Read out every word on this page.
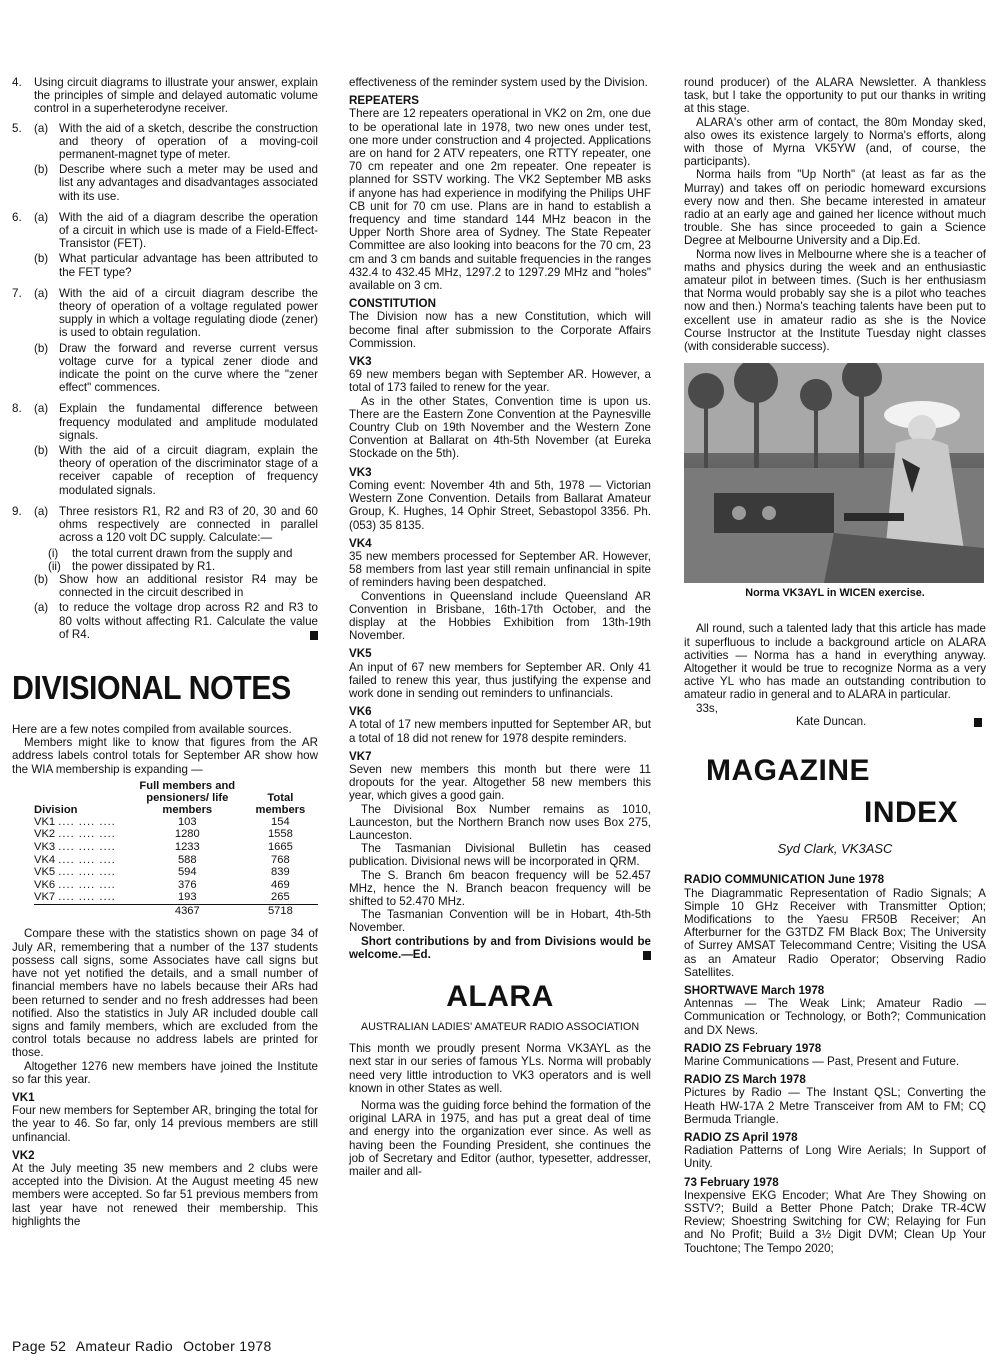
4.	Using circuit diagrams to illustrate your answer, explain the principles of simple and delayed automatic volume control in a superheterodyne receiver.

5.	(a) With the aid of a sketch, describe the construction and theory of operation of a moving-coil permanent-magnet type of meter.
(b) Describe where such a meter may be used and list any advantages and disadvantages associated with its use.
6.	(a) With the aid of a diagram describe the operation of a circuit in which use is made of a Field-Effect-Transistor (FET).
(b) What particular advantage has been attributed to the FET type?
7.	(a) With the aid of a circuit diagram describe the theory of operation of a voltage regulated power supply in which a voltage regulating diode (zener) is used to obtain regulation.
(b) Draw the forward and reverse current versus voltage curve for a typical zener diode and indicate the point on the curve where the "zener effect" commences.
8.	(a) Explain the fundamental difference between frequency modulated and amplitude modulated signals.
(b) With the aid of a circuit diagram, explain the theory of operation of the discriminator stage of a receiver capable of reception of frequency modulated signals.
9.	(a) Three resistors R1, R2 and R3 of 20, 30 and 60 ohms respectively are connected in parallel across a 120 volt DC supply. Calculate:—
(i)	the total current drawn from the supply and
(ii) the power dissipated by R1.
(b) Show how an additional resistor R4 may be connected in the circuit described in
(a) to reduce the voltage drop across R2 and R3 to 80 volts without affecting R1. Calculate the value of R4.
DIVISIONAL NOTES

Here are a few notes compiled from available sources.

Members might like to know that figures from the AR address labels control totals for September AR show how the WIA membership is expanding —

Division	Full members and pensioners/ life members	Total members
VK1 .... .... ....	103	154
VK2 .... .... ....	1280	1558
VK3 .... .... ....	1233	1665
VK4 .... .... ....	588	768
VK5 .... .... ....	594	839
VK6 .... .... ....	376	469
VK7 .... .... ....	193	265
	4367	5718

Compare these with the statistics shown on page 34 of July AR, remembering that a number of the 137 students possess call signs, some Associates have call signs but have not yet notified the details, and a small number of financial members have no labels because their ARs had been returned to sender and no fresh addresses had been notified. Also the statistics in July AR included double call signs and family members, which are excluded from the control totals because no address labels are printed for those.

Altogether 1276 new members have joined the Institute so far this year.

VK1

Four new members for September AR, bringing the total for the year to 46. So far, only 14 previous members are still unfinancial.

VK2

At the July meeting 35 new members and 2 clubs were accepted into the Division. At the August meeting 45 new members were accepted. So far 51 previous members from last year have not renewed their membership. This highlights the

effectiveness of the reminder system used by the Division.

REPEATERS

There are 12 repeaters operational in VK2 on 2m, one due to be operational late in 1978, two new ones under test, one more under construction and 4 projected. Applications are on hand for 2 ATV repeaters, one RTTY repeater, one 70 cm repeater and one 2m repeater. One repeater is planned for SSTV working. The VK2 September MB asks if anyone has had experience in modifying the Philips UHF CB unit for 70 cm use. Plans are in hand to establish a frequency and time standard 144 MHz beacon in the Upper North Shore area of Sydney. The State Repeater Committee are also looking into beacons for the 70 cm, 23 cm and 3 cm bands and suitable frequencies in the ranges 432.4 to 432.45 MHz, 1297.2 to 1297.29 MHz and "holes" available on 3 cm.

CONSTITUTION

The Division now has a new Constitution, which will become final after submission to the Corporate Affairs Commission.

VK3

69 new members began with September AR. However, a total of 173 failed to renew for the year.

As in the other States, Convention time is upon us. There are the Eastern Zone Convention at the Paynesville Country Club on 19th November and the Western Zone Convention at Ballarat on 4th-5th November (at Eureka Stockade on the 5th).

VK3

Coming event: November 4th and 5th, 1978 — Victorian Western Zone Convention. Details from Ballarat Amateur Group, K. Hughes, 14 Ophir Street, Sebastopol 3356. Ph. (053) 35 8135.

VK4

35 new members processed for September AR. However, 58 members from last year still remain unfinancial in spite of reminders having been despatched.

Conventions in Queensland include Queensland AR Convention in Brisbane, 16th-17th October, and the display at the Hobbies Exhibition from 13th-19th November.

VK5

An input of 67 new members for September AR. Only 41 failed to renew this year, thus justifying the expense and work done in sending out reminders to unfinancials.

VK6

A total of 17 new members inputted for September AR, but a total of 18 did not renew for 1978 despite reminders.

VK7

Seven new members this month but there were 11 dropouts for the year. Altogether 58 new members this year, which gives a good gain.

The Divisional Box Number remains as 1010, Launceston, but the Northern Branch now uses Box 275, Launceston.

The Tasmanian Divisional Bulletin has ceased publication. Divisional news will be incorporated in QRM.

The S. Branch 6m beacon frequency will be 52.457 MHz, hence the N. Branch beacon frequency will be shifted to 52.470 MHz.

The Tasmanian Convention will be in Hobart, 4th-5th November.

Short contributions by and from Divisions would be welcome.—Ed.

ALARA
AUSTRALIAN LADIES' AMATEUR RADIO ASSOCIATION

This month we proudly present Norma VK3AYL as the next star in our series of famous YLs. Norma will probably need very little introduction to VK3 operators and is well known in other States as well.

Norma was the guiding force behind the formation of the original LARA in 1975, and has put a great deal of time and energy into the organization ever since. As well as having been the Founding President, she continues the job of Secretary and Editor (author, typesetter, addresser, mailer and all-

round producer) of the ALARA Newsletter. A thankless task, but I take the opportunity to put our thanks in writing at this stage.

ALARA's other arm of contact, the 80m Monday sked, also owes its existence largely to Norma's efforts, along with those of Myrna VK5YW (and, of course, the participants).

Norma hails from "Up North" (at least as far as the Murray) and takes off on periodic homeward excursions every now and then. She became interested in amateur radio at an early age and gained her licence without much trouble. She has since proceeded to gain a Science Degree at Melbourne University and a Dip.Ed.

Norma now lives in Melbourne where she is a teacher of maths and physics during the week and an enthusiastic amateur pilot in between times. (Such is her enthusiasm that Norma would probably say she is a pilot who teaches now and then.) Norma's teaching talents have been put to excellent use in amateur radio as she is the Novice Course Instructor at the Institute Tuesday night classes (with considerable success).

Norma VK3AYL in WICEN exercise.

All round, such a talented lady that this article has made it superfluous to include a background article on ALARA activities — Norma has a hand in everything anyway. Altogether it would be true to recognize Norma as a very active YL who has made an outstanding contribution to amateur radio in general and to ALARA in particular.

33s,
Kate Duncan.
MAGAZINE
INDEX
Syd Clark, VK3ASC
RADIO COMMUNICATION June 1978

The Diagrammatic Representation of Radio Signals; A Simple 10 GHz Receiver with Transmitter Option; Modifications to the Yaesu FR50B Receiver; An Afterburner for the G3TDZ FM Black Box; The University of Surrey AMSAT Telecommand Centre; Visiting the USA as an Amateur Radio Operator; Observing Radio Satellites.

SHORTWAVE March 1978

Antennas — The Weak Link; Amateur Radio — Communication or Technology, or Both?; Communication and DX News.

RADIO ZS February 1978

Marine Communications — Past, Present and Future.

RADIO ZS March 1978

Pictures by Radio — The Instant QSL; Converting the Heath HW-17A 2 Metre Transceiver from AM to FM; CQ Bermuda Triangle.

RADIO ZS April 1978

Radiation Patterns of Long Wire Aerials; In Support of Unity.

73 February 1978

Inexpensive EKG Encoder; What Are They Showing on SSTV?; Build a Better Phone Patch; Drake TR-4CW Review; Shoestring Switching for CW; Relaying for Fun and No Profit; Build a 3½ Digit DVM; Clean Up Your Touchtone; The Tempo 2020;

Page 52 Amateur Radio October 1978
